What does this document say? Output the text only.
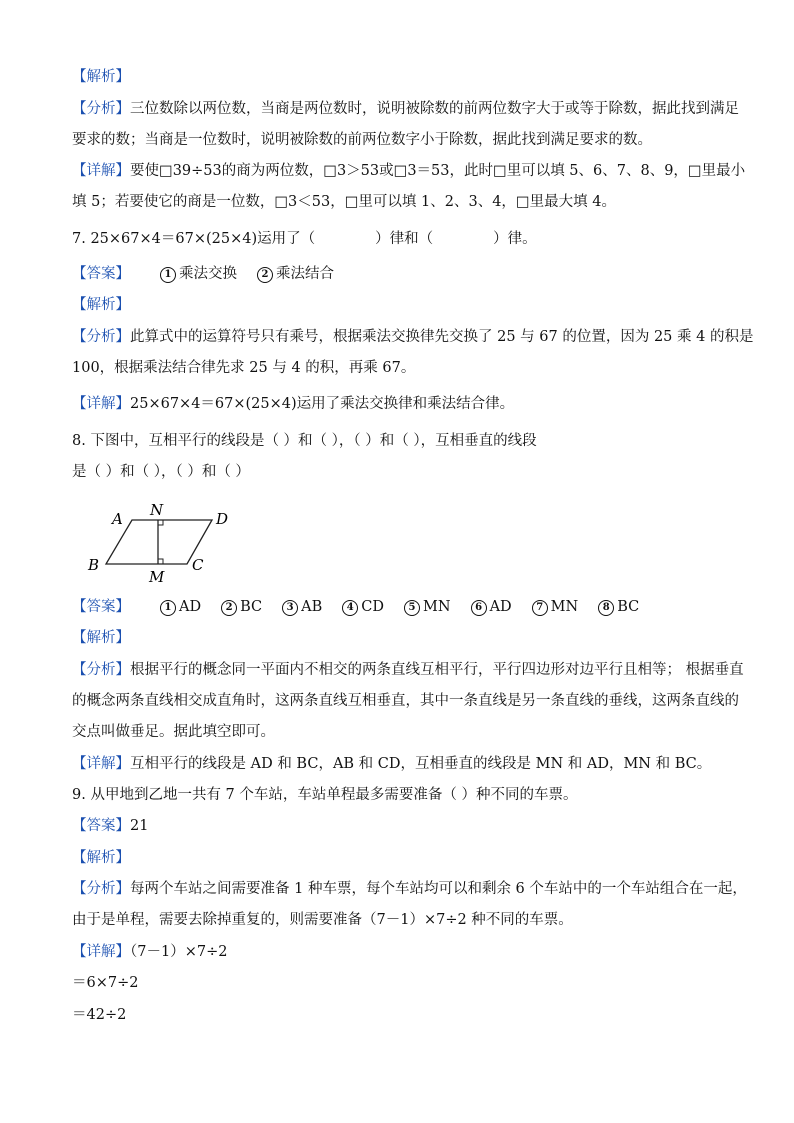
【解析】
【分析】三位数除以两位数，当商是两位数时，说明被除数的前两位数字大于或等于除数，据此找到满足
要求的数；当商是一位数时，说明被除数的前两位数字小于除数，据此找到满足要求的数。
【详解】要使□39÷53的商为两位数，□3＞53或□3＝53，此时□里可以填 5、6、7、8、9，□里最小
填 5；若要使它的商是一位数，□3＜53，□里可以填 1、2、3、4，□里最大填 4。
7. 25×67×4＝67×(25×4)运用了（	）律和（	）律。
【答案】	1 乘法交换	2 乘法结合
【解析】
【分析】此算式中的运算符号只有乘号，根据乘法交换律先交换了 25 与 67 的位置，因为 25 乘 4 的积是
100，根据乘法结合律先求 25 与 4 的积，再乘 67。
【详解】25×67×4＝67×(25×4)运用了乘法交换律和乘法结合律。
8. 下图中，互相平行的线段是（ ）和（ ），（ ）和（ ），互相垂直的线段
是（ ）和（ ），（ ）和（ ）
A N	D
B
M
C
【答案】	1 AD	2 BC	3 AB	4 CD	5 MN	6 AD	7 MN	8 BC
【解析】
【分析】根据平行的概念同一平面内不相交的两条直线互相平行，平行四边形对边平行且相等； 根据垂直
的概念两条直线相交成直角时，这两条直线互相垂直，其中一条直线是另一条直线的垂线，这两条直线的
交点叫做垂足。据此填空即可。
【详解】互相平行的线段是 AD 和 BC，AB 和 CD，互相垂直的线段是 MN 和 AD，MN 和 BC。
9. 从甲地到乙地一共有 7 个车站，车站单程最多需要准备（ ）种不同的车票。
【答案】21
【解析】
【分析】每两个车站之间需要准备 1 种车票，每个车站均可以和剩余 6 个车站中的一个车站组合在一起，
由于是单程，需要去除掉重复的，则需要准备（7－1）×7÷2 种不同的车票。
【详解】（7－1）×7÷2
＝6×7÷2
＝42÷2
